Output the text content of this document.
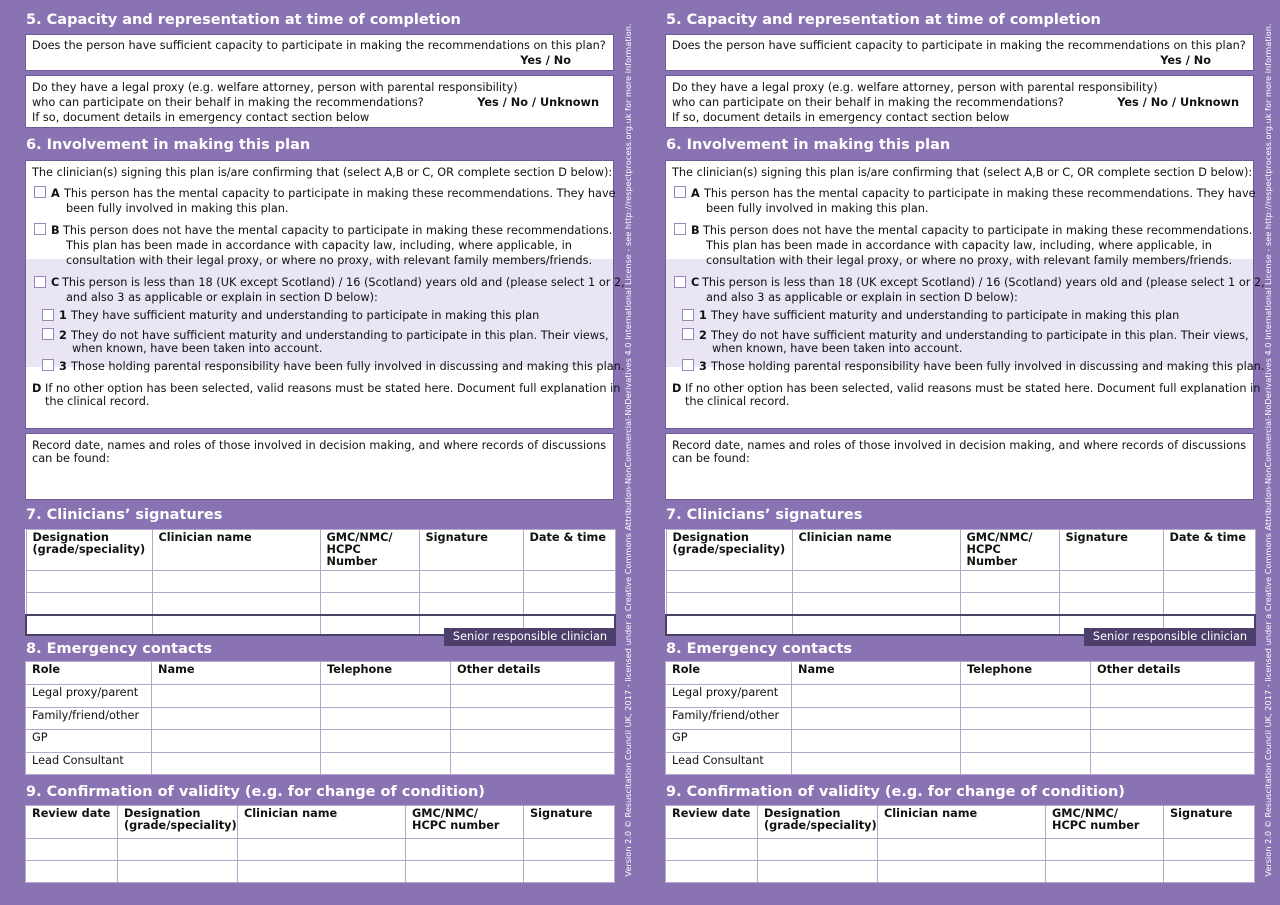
5. Capacity and representation at time of completion
Does the person have sufficient capacity to participate in making the recommendations on this plan?
Yes / No
Do they have a legal proxy (e.g. welfare attorney, person with parental responsibility)
who can participate on their behalf in making the recommendations?	Yes / No / Unknown
If so, document details in emergency contact section below
6. Involvement in making this plan
The clinician(s) signing this plan is/are confirming that (select A,B or C, OR complete section D below):
A This person has the mental capacity to participate in making these recommendations. They have
been fully involved in making this plan.
B This person does not have the mental capacity to participate in making these recommendations.
This plan has been made in accordance with capacity law, including, where applicable, in
consultation with their legal proxy, or where no proxy, with relevant family members/friends.
C This person is less than 18 (UK except Scotland) / 16 (Scotland) years old and (please select 1 or 2,
and also 3 as applicable or explain in section D below):
1 They have sufficient maturity and understanding to participate in making this plan
2 They do not have sufficient maturity and understanding to participate in this plan. Their views,
when known, have been taken into account.
3 Those holding parental responsibility have been fully involved in discussing and making this plan.
D If no other option has been selected, valid reasons must be stated here. Document full explanation in
the clinical record.
Record date, names and roles of those involved in decision making, and where records of discussions
can be found:
7. Clinicians’ signatures
Designation
(grade/speciality)	Clinician name	GMC/NMC/
HCPC Number	Signature	Date & time

Senior responsible clinician
8. Emergency contacts
Role	Name	Telephone	Other details
Legal proxy/parent			
Family/friend/other			
GP			
Lead Consultant			
9. Confirmation of validity (e.g. for change of condition)
Review date	Designation
(grade/speciality)	Clinician name	GMC/NMC/
HCPC number	Signature

					Version 2.0 © Resuscitation Council UK, 2017 - licensed under a Creative Commons Attribution-NonCommercial-NoDerivatives 4.0 International License - see http://respectprocess.org.uk for more information.
5. Capacity and representation at time of completion
Does the person have sufficient capacity to participate in making the recommendations on this plan?
Yes / No
Do they have a legal proxy (e.g. welfare attorney, person with parental responsibility)
who can participate on their behalf in making the recommendations?	Yes / No / Unknown
If so, document details in emergency contact section below
6. Involvement in making this plan
The clinician(s) signing this plan is/are confirming that (select A,B or C, OR complete section D below):
A This person has the mental capacity to participate in making these recommendations. They have
been fully involved in making this plan.
B This person does not have the mental capacity to participate in making these recommendations.
This plan has been made in accordance with capacity law, including, where applicable, in
consultation with their legal proxy, or where no proxy, with relevant family members/friends.
C This person is less than 18 (UK except Scotland) / 16 (Scotland) years old and (please select 1 or 2,
and also 3 as applicable or explain in section D below):
1 They have sufficient maturity and understanding to participate in making this plan
2 They do not have sufficient maturity and understanding to participate in this plan. Their views,
when known, have been taken into account.
3 Those holding parental responsibility have been fully involved in discussing and making this plan.
D If no other option has been selected, valid reasons must be stated here. Document full explanation in
the clinical record.
Record date, names and roles of those involved in decision making, and where records of discussions
can be found:
7. Clinicians’ signatures
Designation
(grade/speciality)	Clinician name	GMC/NMC/
HCPC Number	Signature	Date & time

Senior responsible clinician
8. Emergency contacts
Role	Name	Telephone	Other details
Legal proxy/parent			
Family/friend/other			
GP			
Lead Consultant			
9. Confirmation of validity (e.g. for change of condition)
Review date	Designation
(grade/speciality)	Clinician name	GMC/NMC/
HCPC number	Signature

					Version 2.0 © Resuscitation Council UK, 2017 - licensed under a Creative Commons Attribution-NonCommercial-NoDerivatives 4.0 International License - see http://respectprocess.org.uk for more information.
